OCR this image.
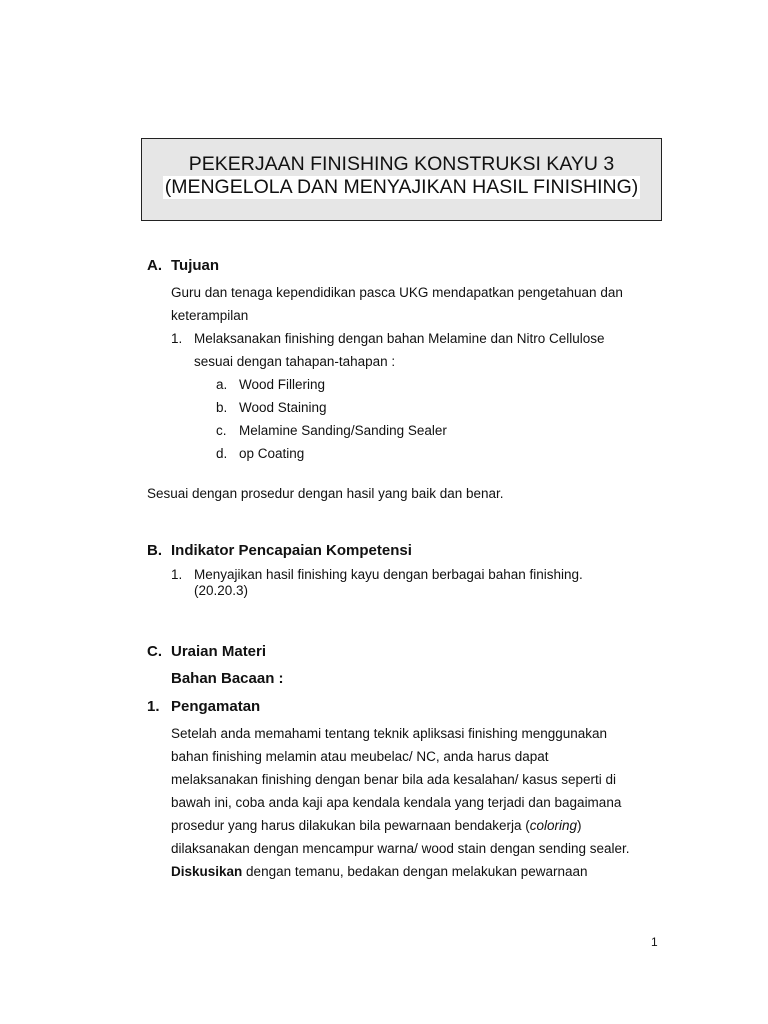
PEKERJAAN FINISHING KONSTRUKSI KAYU 3
(MENGELOLA DAN MENYAJIKAN HASIL FINISHING)
A. Tujuan
Guru dan tenaga kependidikan pasca UKG mendapatkan pengetahuan dan
keterampilan
1. Melaksanakan finishing dengan bahan Melamine dan Nitro Cellulose
sesuai dengan tahapan-tahapan :
a. Wood Fillering
b. Wood Staining
c. Melamine Sanding/Sanding Sealer
d. op Coating
Sesuai dengan prosedur dengan hasil yang baik dan benar.
B. Indikator Pencapaian Kompetensi
1. Menyajikan hasil finishing kayu dengan berbagai bahan finishing.
(20.20.3)
C. Uraian Materi
Bahan Bacaan :
1. Pengamatan
Setelah anda memahami tentang teknik apliksasi finishing menggunakan
bahan finishing melamin atau meubelac/ NC, anda harus dapat
melaksanakan finishing dengan benar bila ada kesalahan/ kasus seperti di
bawah ini, coba anda kaji apa kendala kendala yang terjadi dan bagaimana
prosedur yang harus dilakukan bila pewarnaan bendakerja (coloring)
dilaksanakan dengan mencampur warna/ wood stain dengan sending sealer.
Diskusikan dengan temanu, bedakan dengan melakukan pewarnaan
1
